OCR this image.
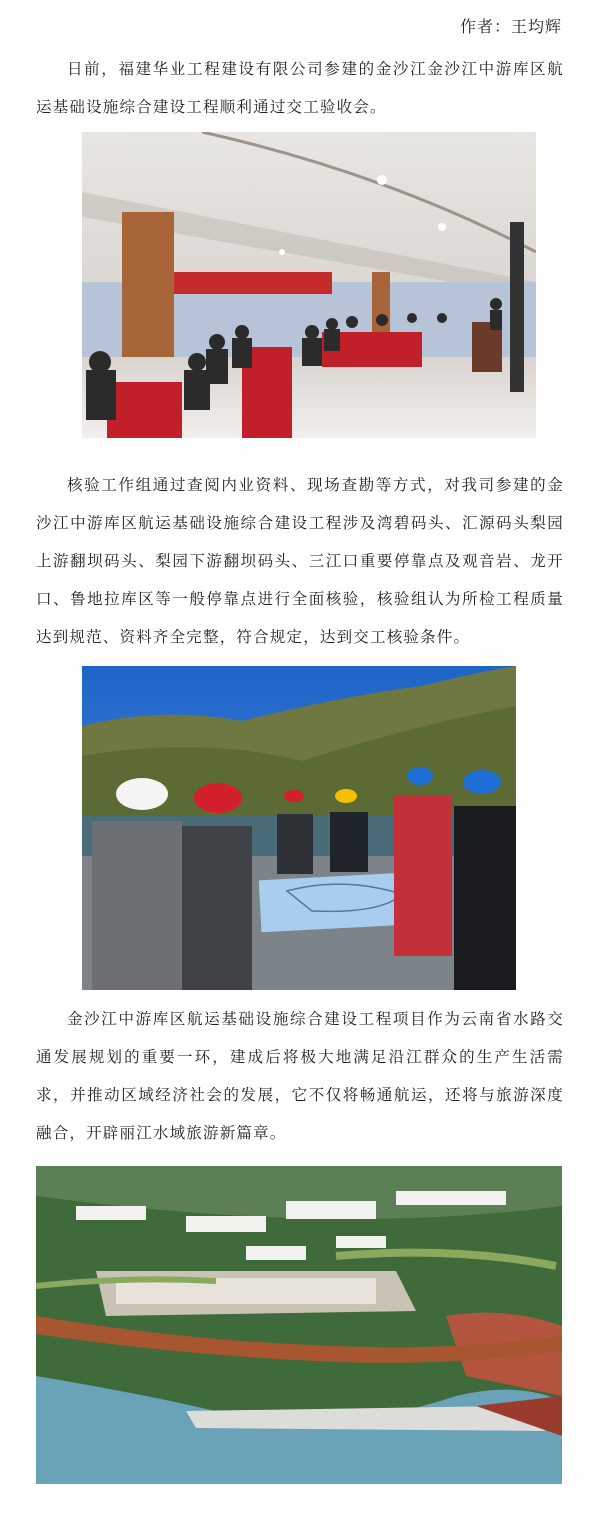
作者：王均辉

日前，福建华业工程建设有限公司参建的金沙江金沙江中游库区航运基础设施综合建设工程顺利通过交工验收会。

核验工作组通过查阅内业资料、现场查勘等方式，对我司参建的金沙江中游库区航运基础设施综合建设工程涉及湾碧码头、汇源码头梨园上游翻坝码头、梨园下游翻坝码头、三江口重要停靠点及观音岩、龙开口、鲁地拉库区等一般停靠点进行全面核验，核验组认为所检工程质量达到规范、资料齐全完整，符合规定，达到交工核验条件。

金沙江中游库区航运基础设施综合建设工程项目作为云南省水路交通发展规划的重要一环，建成后将极大地满足沿江群众的生产生活需求，并推动区域经济社会的发展，它不仅将畅通航运，还将与旅游深度融合，开辟丽江水域旅游新篇章。
